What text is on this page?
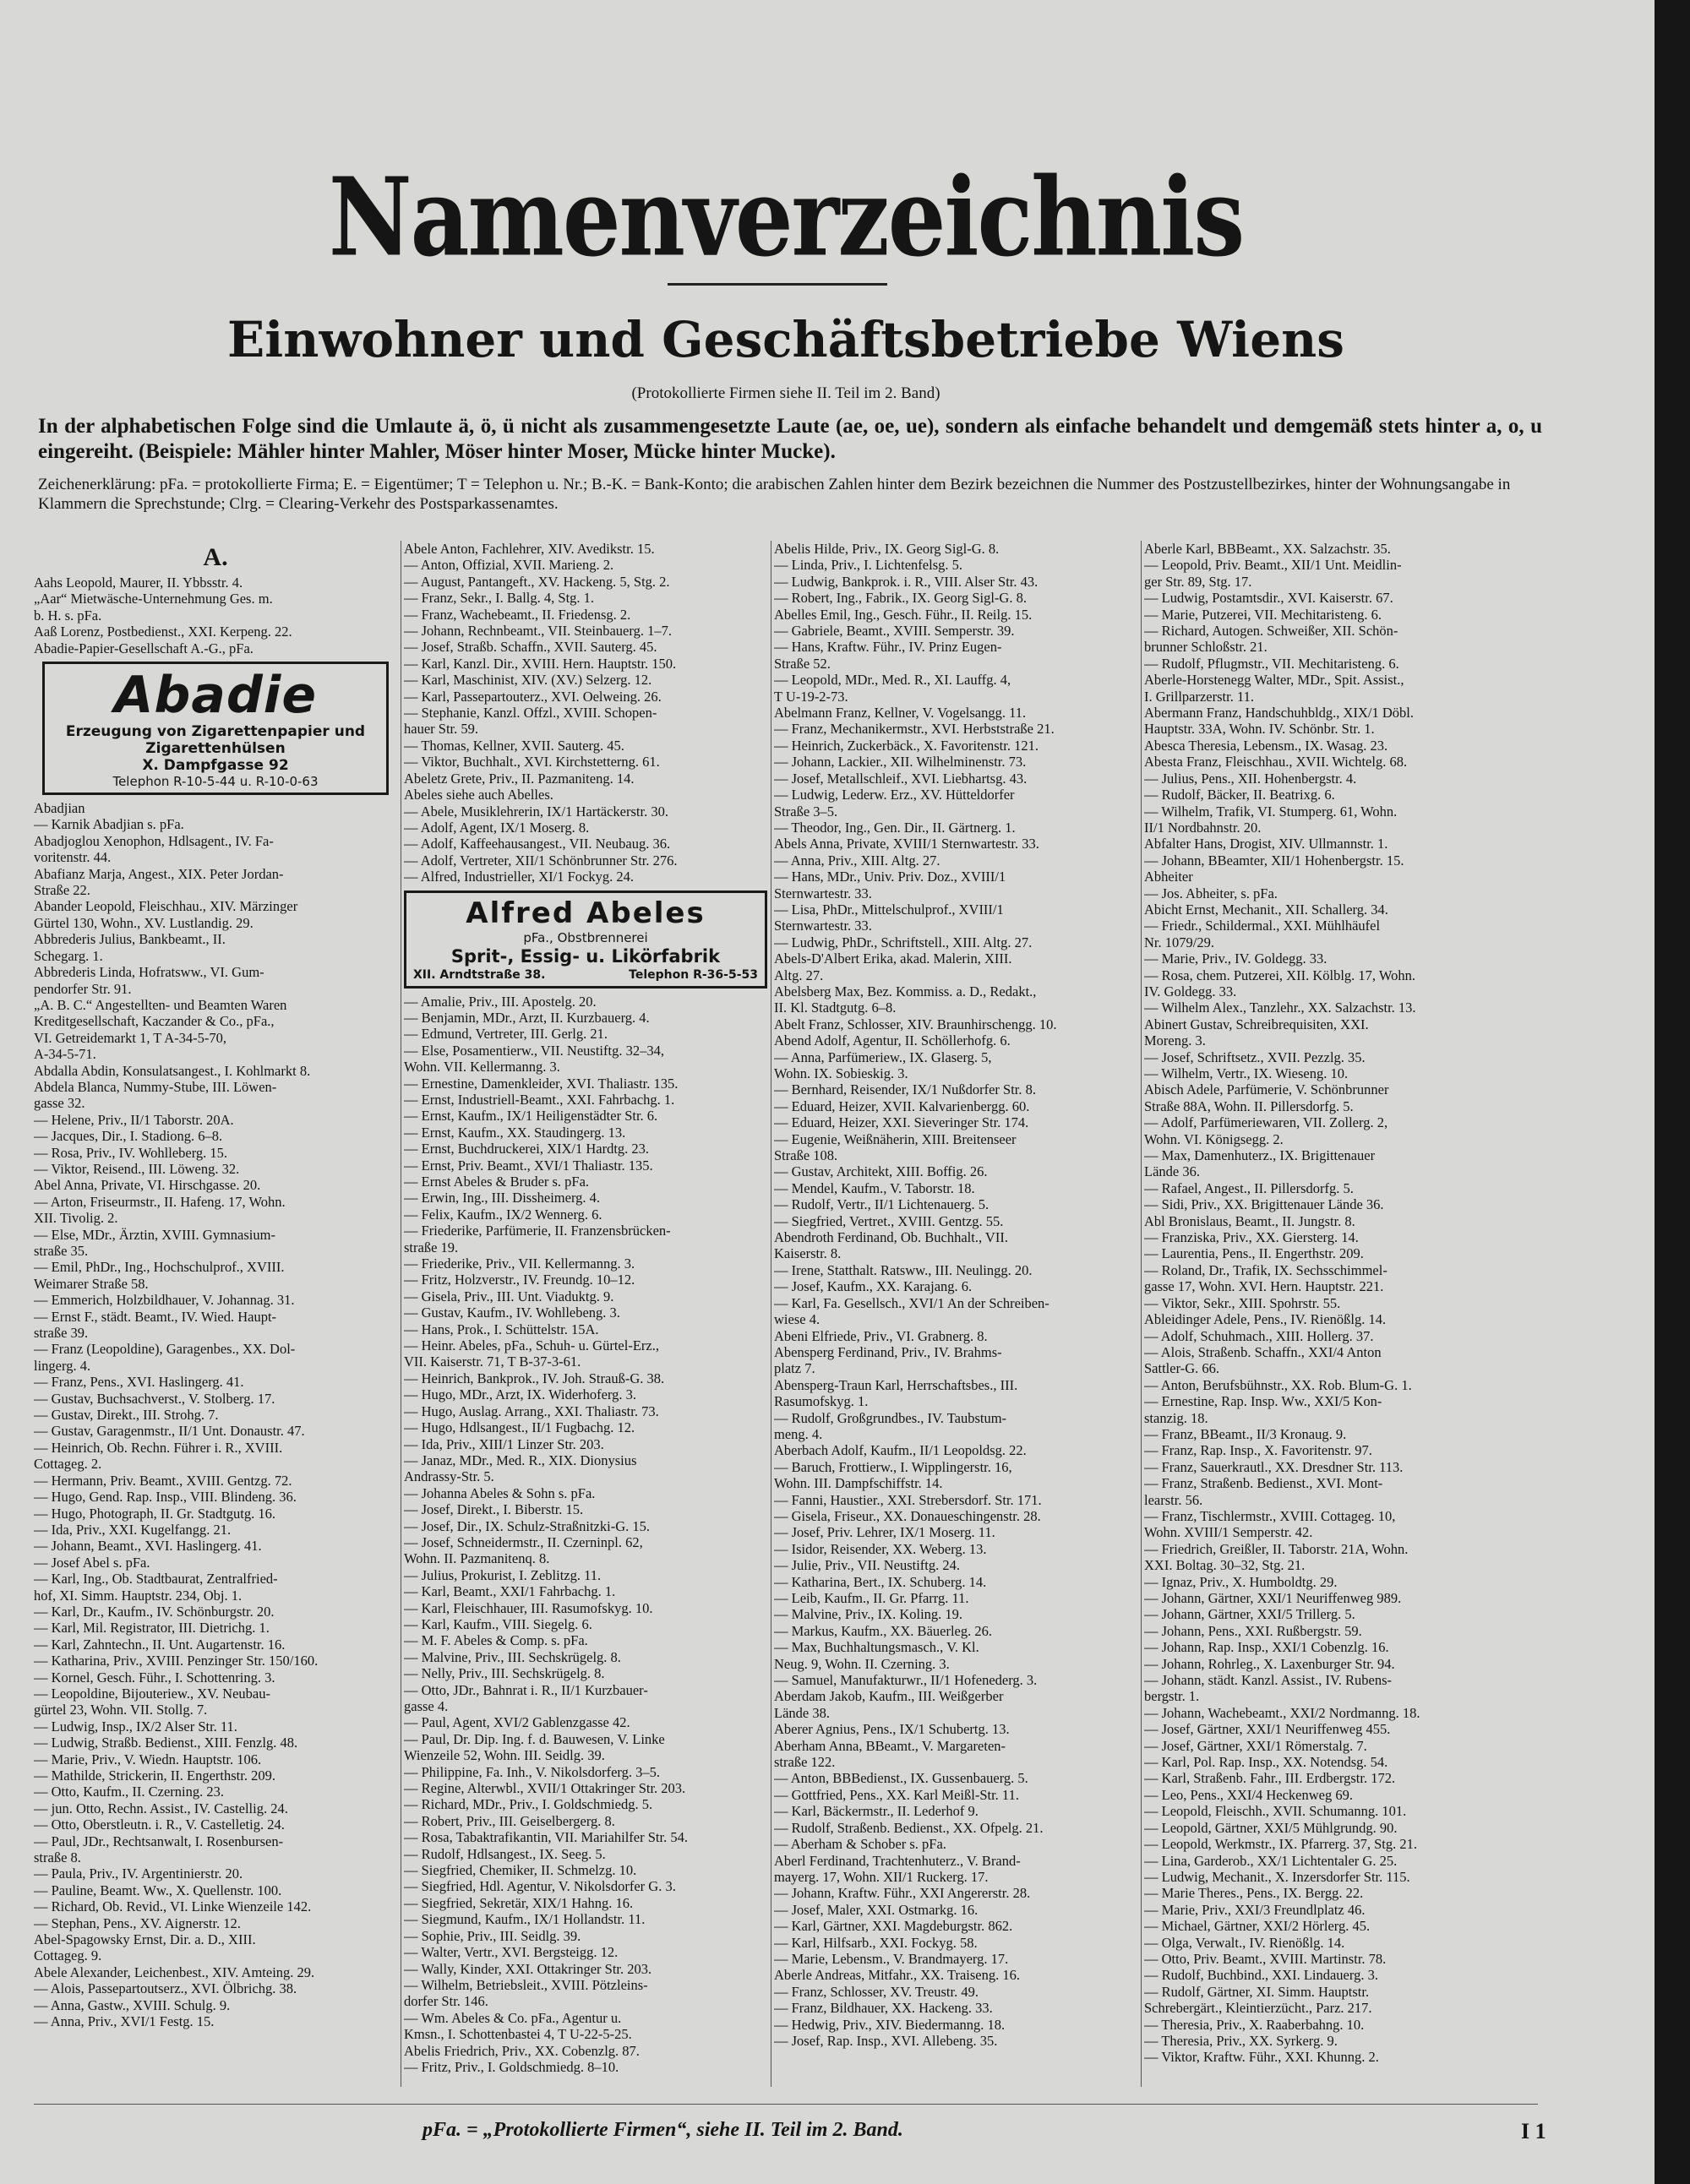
Namenverzeichnis
Einwohner und Geschäftsbetriebe Wiens
(Protokollierte Firmen siehe II. Teil im 2. Band)
In der alphabetischen Folge sind die Umlaute ä, ö, ü nicht als zusammengesetzte Laute (ae, oe, ue), sondern als einfache behandelt und demgemäß stets hinter a, o, u eingereiht. (Beispiele: Mähler hinter Mahler, Möser hinter Moser, Mücke hinter Mucke).
Zeichenerklärung: pFa. = protokollierte Firma; E. = Eigentümer; T = Telephon u. Nr.; B.-K. = Bank-Konto; die arabischen Zahlen hinter dem Bezirk bezeichnen die Nummer des Postzustellbezirkes, hinter der Wohnungsangabe in Klammern die Sprechstunde; Clrg. = Clearing-Verkehr des Postsparkassenamtes.
A.
Aahs Leopold, Maurer, II. Ybbsstr. 4.
„Aar“ Mietwäsche-Unternehmung Ges. m.
b. H. s. pFa.
Aaß Lorenz, Postbedienst., XXI. Kerpeng. 22.
Abadie-Papier-Gesellschaft A.-G., pFa.
Abadie
Erzeugung von Zigarettenpapier und
Zigarettenhülsen
X. Dampfgasse 92
Telephon R-10-5-44 u. R-10-0-63
Abadjian
— Karnik Abadjian s. pFa.
Abadjoglou Xenophon, Hdlsagent., IV. Fa-
voritenstr. 44.
Abafianz Marja, Angest., XIX. Peter Jordan-
Straße 22.
Abander Leopold, Fleischhau., XIV. Märzinger
Gürtel 130, Wohn., XV. Lustlandig. 29.
Abbrederis Julius, Bankbeamt., II.
Schegarg. 1.
Abbrederis Linda, Hofratsww., VI. Gum-
pendorfer Str. 91.
„A. B. C.“ Angestellten- und Beamten Waren
Kreditgesellschaft, Kaczander & Co., pFa.,
VI. Getreidemarkt 1, T A-34-5-70,
A-34-5-71.
Abdalla Abdin, Konsulatsangest., I. Kohlmarkt 8.
Abdela Blanca, Nummy-Stube, III. Löwen-
gasse 32.
— Helene, Priv., II/1 Taborstr. 20A.
— Jacques, Dir., I. Stadiong. 6–8.
— Rosa, Priv., IV. Wohlleberg. 15.
— Viktor, Reisend., III. Löweng. 32.
Abel Anna, Private, VI. Hirschgasse. 20.
— Arton, Friseurmstr., II. Hafeng. 17, Wohn.
XII. Tivolig. 2.
— Else, MDr., Ärztin, XVIII. Gymnasium-
straße 35.
— Emil, PhDr., Ing., Hochschulprof., XVIII.
Weimarer Straße 58.
— Emmerich, Holzbildhauer, V. Johannag. 31.
— Ernst F., städt. Beamt., IV. Wied. Haupt-
straße 39.
— Franz (Leopoldine), Garagenbes., XX. Dol-
lingerg. 4.
— Franz, Pens., XVI. Haslingerg. 41.
— Gustav, Buchsachverst., V. Stolberg. 17.
— Gustav, Direkt., III. Strohg. 7.
— Gustav, Garagenmstr., II/1 Unt. Donaustr. 47.
— Heinrich, Ob. Rechn. Führer i. R., XVIII.
Cottageg. 2.
— Hermann, Priv. Beamt., XVIII. Gentzg. 72.
— Hugo, Gend. Rap. Insp., VIII. Blindeng. 36.
— Hugo, Photograph, II. Gr. Stadtgutg. 16.
— Ida, Priv., XXI. Kugelfangg. 21.
— Johann, Beamt., XVI. Haslingerg. 41.
— Josef Abel s. pFa.
— Karl, Ing., Ob. Stadtbaurat, Zentralfried-
hof, XI. Simm. Hauptstr. 234, Obj. 1.
— Karl, Dr., Kaufm., IV. Schönburgstr. 20.
— Karl, Mil. Registrator, III. Dietrichg. 1.
— Karl, Zahntechn., II. Unt. Augartenstr. 16.
— Katharina, Priv., XVIII. Penzinger Str. 150/160.
— Kornel, Gesch. Führ., I. Schottenring. 3.
— Leopoldine, Bijouteriew., XV. Neubau-
gürtel 23, Wohn. VII. Stollg. 7.
— Ludwig, Insp., IX/2 Alser Str. 11.
— Ludwig, Straßb. Bedienst., XIII. Fenzlg. 48.
— Marie, Priv., V. Wiedn. Hauptstr. 106.
— Mathilde, Strickerin, II. Engerthstr. 209.
— Otto, Kaufm., II. Czerning. 23.
— jun. Otto, Rechn. Assist., IV. Castellig. 24.
— Otto, Oberstleutn. i. R., V. Castelletig. 24.
— Paul, JDr., Rechtsanwalt, I. Rosenbursen-
straße 8.
— Paula, Priv., IV. Argentinierstr. 20.
— Pauline, Beamt. Ww., X. Quellenstr. 100.
— Richard, Ob. Revid., VI. Linke Wienzeile 142.
— Stephan, Pens., XV. Aignerstr. 12.
Abel-Spagowsky Ernst, Dir. a. D., XIII.
Cottageg. 9.
Abele Alexander, Leichenbest., XIV. Amteing. 29.
— Alois, Passepartoutserz., XVI. Ölbrichg. 38.
— Anna, Gastw., XVIII. Schulg. 9.
— Anna, Priv., XVI/1 Festg. 15.
Abele Anton, Fachlehrer, XIV. Avedikstr. 15.
— Anton, Offizial, XVII. Marieng. 2.
— August, Pantangeft., XV. Hackeng. 5, Stg. 2.
— Franz, Sekr., I. Ballg. 4, Stg. 1.
— Franz, Wachebeamt., II. Friedensg. 2.
— Johann, Rechnbeamt., VII. Steinbauerg. 1–7.
— Josef, Straßb. Schaffn., XVII. Sauterg. 45.
— Karl, Kanzl. Dir., XVIII. Hern. Hauptstr. 150.
— Karl, Maschinist, XIV. (XV.) Selzerg. 12.
— Karl, Passepartouterz., XVI. Oelweing. 26.
— Stephanie, Kanzl. Offzl., XVIII. Schopen-
hauer Str. 59.
— Thomas, Kellner, XVII. Sauterg. 45.
— Viktor, Buchhalt., XVI. Kirchstetterng. 61.
Abeletz Grete, Priv., II. Pazmaniteng. 14.
Abeles siehe auch Abelles.
— Abele, Musiklehrerin, IX/1 Hartäckerstr. 30.
— Adolf, Agent, IX/1 Moserg. 8.
— Adolf, Kaffeehausangest., VII. Neubaug. 36.
— Adolf, Vertreter, XII/1 Schönbrunner Str. 276.
— Alfred, Industrieller, XI/1 Fockyg. 24.
Alfred Abeles
pFa., Obstbrennerei
Sprit-, Essig- u. Likörfabrik
XII. Arndtstraße 38.	Telephon R-36-5-53
— Amalie, Priv., III. Apostelg. 20.
— Benjamin, MDr., Arzt, II. Kurzbauerg. 4.
— Edmund, Vertreter, III. Gerlg. 21.
— Else, Posamentierw., VII. Neustiftg. 32–34,
Wohn. VII. Kellermanng. 3.
— Ernestine, Damenkleider, XVI. Thaliastr. 135.
— Ernst, Industriell-Beamt., XXI. Fahrbachg. 1.
— Ernst, Kaufm., IX/1 Heiligenstädter Str. 6.
— Ernst, Kaufm., XX. Staudingerg. 13.
— Ernst, Buchdruckerei, XIX/1 Hardtg. 23.
— Ernst, Priv. Beamt., XVI/1 Thaliastr. 135.
— Ernst Abeles & Bruder s. pFa.
— Erwin, Ing., III. Dissheimerg. 4.
— Felix, Kaufm., IX/2 Wennerg. 6.
— Friederike, Parfümerie, II. Franzensbrücken-
straße 19.
— Friederike, Priv., VII. Kellermanng. 3.
— Fritz, Holzverstr., IV. Freundg. 10–12.
— Gisela, Priv., III. Unt. Viaduktg. 9.
— Gustav, Kaufm., IV. Wohllebeng. 3.
— Hans, Prok., I. Schüttelstr. 15A.
— Heinr. Abeles, pFa., Schuh- u. Gürtel-Erz.,
VII. Kaiserstr. 71, T B-37-3-61.
— Heinrich, Bankprok., IV. Joh. Strauß-G. 38.
— Hugo, MDr., Arzt, IX. Widerhoferg. 3.
— Hugo, Auslag. Arrang., XXI. Thaliastr. 73.
— Hugo, Hdlsangest., II/1 Fugbachg. 12.
— Ida, Priv., XIII/1 Linzer Str. 203.
— Janaz, MDr., Med. R., XIX. Dionysius
Andrassy-Str. 5.
— Johanna Abeles & Sohn s. pFa.
— Josef, Direkt., I. Biberstr. 15.
— Josef, Dir., IX. Schulz-Straßnitzki-G. 15.
— Josef, Schneidermstr., II. Czerninpl. 62,
Wohn. II. Pazmanitenq. 8.
— Julius, Prokurist, I. Zeblitzg. 11.
— Karl, Beamt., XXI/1 Fahrbachg. 1.
— Karl, Fleischhauer, III. Rasumofskyg. 10.
— Karl, Kaufm., VIII. Siegelg. 6.
— M. F. Abeles & Comp. s. pFa.
— Malvine, Priv., III. Sechskrügelg. 8.
— Nelly, Priv., III. Sechskrügelg. 8.
— Otto, JDr., Bahnrat i. R., II/1 Kurzbauer-
gasse 4.
— Paul, Agent, XVI/2 Gablenzgasse 42.
— Paul, Dr. Dip. Ing. f. d. Bauwesen, V. Linke
Wienzeile 52, Wohn. III. Seidlg. 39.
— Philippine, Fa. Inh., V. Nikolsdorferg. 3–5.
— Regine, Alterwbl., XVII/1 Ottakringer Str. 203.
— Richard, MDr., Priv., I. Goldschmiedg. 5.
— Robert, Priv., III. Geiselbergerg. 8.
— Rosa, Tabaktrafikantin, VII. Mariahilfer Str. 54.
— Rudolf, Hdlsangest., IX. Seeg. 5.
— Siegfried, Chemiker, II. Schmelzg. 10.
— Siegfried, Hdl. Agentur, V. Nikolsdorfer G. 3.
— Siegfried, Sekretär, XIX/1 Hahng. 16.
— Siegmund, Kaufm., IX/1 Hollandstr. 11.
— Sophie, Priv., III. Seidlg. 39.
— Walter, Vertr., XVI. Bergsteigg. 12.
— Wally, Kinder, XXI. Ottakringer Str. 203.
— Wilhelm, Betriebsleit., XVIII. Pötzleins-
dorfer Str. 146.
— Wm. Abeles & Co. pFa., Agentur u.
Kmsn., I. Schottenbastei 4, T U-22-5-25.
Abelis Friedrich, Priv., XX. Cobenzlg. 87.
— Fritz, Priv., I. Goldschmiedg. 8–10.
Abelis Hilde, Priv., IX. Georg Sigl-G. 8.
— Linda, Priv., I. Lichtenfelsg. 5.
— Ludwig, Bankprok. i. R., VIII. Alser Str. 43.
— Robert, Ing., Fabrik., IX. Georg Sigl-G. 8.
Abelles Emil, Ing., Gesch. Führ., II. Reilg. 15.
— Gabriele, Beamt., XVIII. Semperstr. 39.
— Hans, Kraftw. Führ., IV. Prinz Eugen-
Straße 52.
— Leopold, MDr., Med. R., XI. Lauffg. 4,
T U-19-2-73.
Abelmann Franz, Kellner, V. Vogelsangg. 11.
— Franz, Mechanikermstr., XVI. Herbststraße 21.
— Heinrich, Zuckerbäck., X. Favoritenstr. 121.
— Johann, Lackier., XII. Wilhelminenstr. 73.
— Josef, Metallschleif., XVI. Liebhartsg. 43.
— Ludwig, Lederw. Erz., XV. Hütteldorfer
Straße 3–5.
— Theodor, Ing., Gen. Dir., II. Gärtnerg. 1.
Abels Anna, Private, XVIII/1 Sternwartestr. 33.
— Anna, Priv., XIII. Altg. 27.
— Hans, MDr., Univ. Priv. Doz., XVIII/1
Sternwartestr. 33.
— Lisa, PhDr., Mittelschulprof., XVIII/1
Sternwartestr. 33.
— Ludwig, PhDr., Schriftstell., XIII. Altg. 27.
Abels-D'Albert Erika, akad. Malerin, XIII.
Altg. 27.
Abelsberg Max, Bez. Kommiss. a. D., Redakt.,
II. Kl. Stadtgutg. 6–8.
Abelt Franz, Schlosser, XIV. Braunhirschengg. 10.
Abend Adolf, Agentur, II. Schöllerhofg. 6.
— Anna, Parfümeriew., IX. Glaserg. 5,
Wohn. IX. Sobieskig. 3.
— Bernhard, Reisender, IX/1 Nußdorfer Str. 8.
— Eduard, Heizer, XVII. Kalvarienbergg. 60.
— Eduard, Heizer, XXI. Sieveringer Str. 174.
— Eugenie, Weißnäherin, XIII. Breitenseer
Straße 108.
— Gustav, Architekt, XIII. Boffig. 26.
— Mendel, Kaufm., V. Taborstr. 18.
— Rudolf, Vertr., II/1 Lichtenauerg. 5.
— Siegfried, Vertret., XVIII. Gentzg. 55.
Abendroth Ferdinand, Ob. Buchhalt., VII.
Kaiserstr. 8.
— Irene, Statthalt. Ratsww., III. Neulingg. 20.
— Josef, Kaufm., XX. Karajang. 6.
— Karl, Fa. Gesellsch., XVI/1 An der Schreiben-
wiese 4.
Abeni Elfriede, Priv., VI. Grabnerg. 8.
Abensperg Ferdinand, Priv., IV. Brahms-
platz 7.
Abensperg-Traun Karl, Herrschaftsbes., III.
Rasumofskyg. 1.
— Rudolf, Großgrundbes., IV. Taubstum-
meng. 4.
Aberbach Adolf, Kaufm., II/1 Leopoldsg. 22.
— Baruch, Frottierw., I. Wipplingerstr. 16,
Wohn. III. Dampfschiffstr. 14.
— Fanni, Haustier., XXI. Strebersdorf. Str. 171.
— Gisela, Friseur., XX. Donaueschingenstr. 28.
— Josef, Priv. Lehrer, IX/1 Moserg. 11.
— Isidor, Reisender, XX. Weberg. 13.
— Julie, Priv., VII. Neustiftg. 24.
— Katharina, Bert., IX. Schuberg. 14.
— Leib, Kaufm., II. Gr. Pfarrg. 11.
— Malvine, Priv., IX. Koling. 19.
— Markus, Kaufm., XX. Bäuerleg. 26.
— Max, Buchhaltungsmasch., V. Kl.
Neug. 9, Wohn. II. Czerning. 3.
— Samuel, Manufakturwr., II/1 Hofenederg. 3.
Aberdam Jakob, Kaufm., III. Weißgerber
Lände 38.
Aberer Agnius, Pens., IX/1 Schubertg. 13.
Aberham Anna, BBeamt., V. Margareten-
straße 122.
— Anton, BBBedienst., IX. Gussenbauerg. 5.
— Gottfried, Pens., XX. Karl Meißl-Str. 11.
— Karl, Bäckermstr., II. Lederhof 9.
— Rudolf, Straßenb. Bedienst., XX. Ofpelg. 21.
— Aberham & Schober s. pFa.
Aberl Ferdinand, Trachtenhuterz., V. Brand-
mayerg. 17, Wohn. XII/1 Ruckerg. 17.
— Johann, Kraftw. Führ., XXI Angererstr. 28.
— Josef, Maler, XXI. Ostmarkg. 16.
— Karl, Gärtner, XXI. Magdeburgstr. 862.
— Karl, Hilfsarb., XXI. Fockyg. 58.
— Marie, Lebensm., V. Brandmayerg. 17.
Aberle Andreas, Mitfahr., XX. Traiseng. 16.
— Franz, Schlosser, XV. Treustr. 49.
— Franz, Bildhauer, XX. Hackeng. 33.
— Hedwig, Priv., XIV. Biedermanng. 18.
— Josef, Rap. Insp., XVI. Allebeng. 35.
Aberle Karl, BBBeamt., XX. Salzachstr. 35.
— Leopold, Priv. Beamt., XII/1 Unt. Meidlin-
ger Str. 89, Stg. 17.
— Ludwig, Postamtsdir., XVI. Kaiserstr. 67.
— Marie, Putzerei, VII. Mechitaristeng. 6.
— Richard, Autogen. Schweißer, XII. Schön-
brunner Schloßstr. 21.
— Rudolf, Pflugmstr., VII. Mechitaristeng. 6.
Aberle-Horstenegg Walter, MDr., Spit. Assist.,
I. Grillparzerstr. 11.
Abermann Franz, Handschuhbldg., XIX/1 Döbl.
Hauptstr. 33A, Wohn. IV. Schönbr. Str. 1.
Abesca Theresia, Lebensm., IX. Wasag. 23.
Abesta Franz, Fleischhau., XVII. Wichtelg. 68.
— Julius, Pens., XII. Hohenbergstr. 4.
— Rudolf, Bäcker, II. Beatrixg. 6.
— Wilhelm, Trafik, VI. Stumperg. 61, Wohn.
II/1 Nordbahnstr. 20.
Abfalter Hans, Drogist, XIV. Ullmannstr. 1.
— Johann, BBeamter, XII/1 Hohenbergstr. 15.
Abheiter
— Jos. Abheiter, s. pFa.
Abicht Ernst, Mechanit., XII. Schallerg. 34.
— Friedr., Schildermal., XXI. Mühlhäufel
Nr. 1079/29.
— Marie, Priv., IV. Goldegg. 33.
— Rosa, chem. Putzerei, XII. Kölblg. 17, Wohn.
IV. Goldegg. 33.
— Wilhelm Alex., Tanzlehr., XX. Salzachstr. 13.
Abinert Gustav, Schreibrequisiten, XXI.
Moreng. 3.
— Josef, Schriftsetz., XVII. Pezzlg. 35.
— Wilhelm, Vertr., IX. Wieseng. 10.
Abisch Adele, Parfümerie, V. Schönbrunner
Straße 88A, Wohn. II. Pillersdorfg. 5.
— Adolf, Parfümeriewaren, VII. Zollerg. 2,
Wohn. VI. Königsegg. 2.
— Max, Damenhuterz., IX. Brigittenauer
Lände 36.
— Rafael, Angest., II. Pillersdorfg. 5.
— Sidi, Priv., XX. Brigittenauer Lände 36.
Abl Bronislaus, Beamt., II. Jungstr. 8.
— Franziska, Priv., XX. Giersterg. 14.
— Laurentia, Pens., II. Engerthstr. 209.
— Roland, Dr., Trafik, IX. Sechsschimmel-
gasse 17, Wohn. XVI. Hern. Hauptstr. 221.
— Viktor, Sekr., XIII. Spohrstr. 55.
Ableidinger Adele, Pens., IV. Rienößlg. 14.
— Adolf, Schuhmach., XIII. Hollerg. 37.
— Alois, Straßenb. Schaffn., XXI/4 Anton
Sattler-G. 66.
— Anton, Berufsbühnstr., XX. Rob. Blum-G. 1.
— Ernestine, Rap. Insp. Ww., XXI/5 Kon-
stanzig. 18.
— Franz, BBeamt., II/3 Kronaug. 9.
— Franz, Rap. Insp., X. Favoritenstr. 97.
— Franz, Sauerkrautl., XX. Dresdner Str. 113.
— Franz, Straßenb. Bedienst., XVI. Mont-
learstr. 56.
— Franz, Tischlermstr., XVIII. Cottageg. 10,
Wohn. XVIII/1 Semperstr. 42.
— Friedrich, Greißler, II. Taborstr. 21A, Wohn.
XXI. Boltag. 30–32, Stg. 21.
— Ignaz, Priv., X. Humboldtg. 29.
— Johann, Gärtner, XXI/1 Neuriffenweg 989.
— Johann, Gärtner, XXI/5 Trillerg. 5.
— Johann, Pens., XXI. Rußbergstr. 59.
— Johann, Rap. Insp., XXI/1 Cobenzlg. 16.
— Johann, Rohrleg., X. Laxenburger Str. 94.
— Johann, städt. Kanzl. Assist., IV. Rubens-
bergstr. 1.
— Johann, Wachebeamt., XXI/2 Nordmanng. 18.
— Josef, Gärtner, XXI/1 Neuriffenweg 455.
— Josef, Gärtner, XXI/1 Römerstalg. 7.
— Karl, Pol. Rap. Insp., XX. Notendsg. 54.
— Karl, Straßenb. Fahr., III. Erdbergstr. 172.
— Leo, Pens., XXI/4 Heckenweg 69.
— Leopold, Fleischh., XVII. Schumanng. 101.
— Leopold, Gärtner, XXI/5 Mühlgrundg. 90.
— Leopold, Werkmstr., IX. Pfarrerg. 37, Stg. 21.
— Lina, Garderob., XX/1 Lichtentaler G. 25.
— Ludwig, Mechanit., X. Inzersdorfer Str. 115.
— Marie Theres., Pens., IX. Bergg. 22.
— Marie, Priv., XXI/3 Freundlplatz 46.
— Michael, Gärtner, XXI/2 Hörlerg. 45.
— Olga, Verwalt., IV. Rienößlg. 14.
— Otto, Priv. Beamt., XVIII. Martinstr. 78.
— Rudolf, Buchbind., XXI. Lindauerg. 3.
— Rudolf, Gärtner, XI. Simm. Hauptstr.
Schrebergärt., Kleintierzücht., Parz. 217.
— Theresia, Priv., X. Raaberbahng. 10.
— Theresia, Priv., XX. Syrkerg. 9.
— Viktor, Kraftw. Führ., XXI. Khunng. 2.
pFa. = „Protokollierte Firmen“, siehe II. Teil im 2. Band.	I 1
